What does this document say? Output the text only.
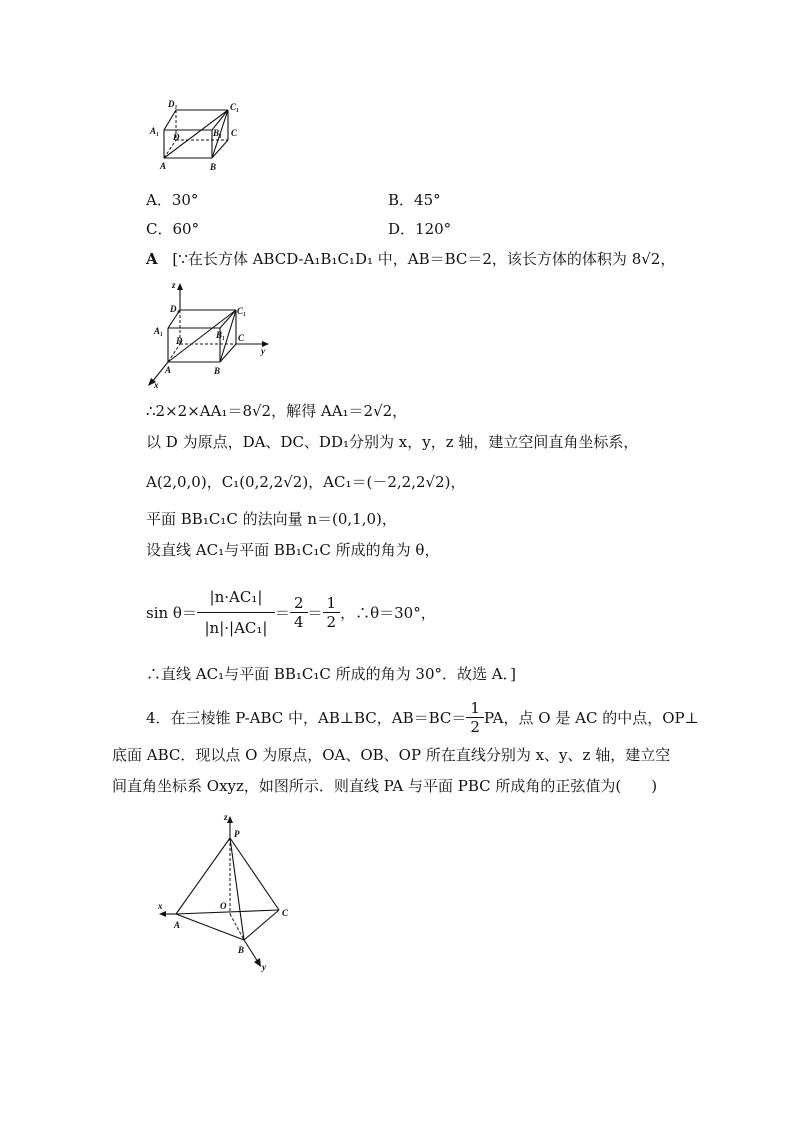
D₁	C₁
A₁	B₁
D	C
A	B
A．30°	B．45°
C．60°	D．120°
A [∵在长方体 ABCD-A₁B₁C₁D₁ 中，AB＝BC＝2，该长方体的体积为 8√2，
z
D₁	C₁
A₁	B₁
D	C
y
A	B
x
∴2×2×AA₁＝8√2，解得 AA₁＝2√2，
以 D 为原点，DA、DC、DD₁分别为 x，y，z 轴，建立空间直角坐标系，
A(2,0,0)，C₁(0,2,2√2)，AC₁＝(－2,2,2√2)，
平面 BB₁C₁C 的法向量 n＝(0,1,0)，
设直线 AC₁与平面 BB₁C₁C 所成的角为 θ，
$\sin \theta= \frac{\text{|n·AC₁|}}{\text{|n|·|AC₁|}} = \frac{2}{4} = \frac{1}{2}$ ，∴θ＝30°，
∴直线 AC₁与平面 BB₁C₁C 所成的角为 30°．故选 A．]
4．在三棱锥 P-ABC 中，AB⊥BC，$AB=BC= \frac{1}{2}$ PA，点 O 是 AC 的中点，OP⊥
底面 ABC．现以点 O 为原点，OA、OB、OP 所在直线分别为 x、y、z 轴，建立空
间直角坐标系 Oxyz，如图所示．则直线 PA 与平面 PBC 所成角的正弦值为(　　)
z
P
x	O
C
A
B
y
